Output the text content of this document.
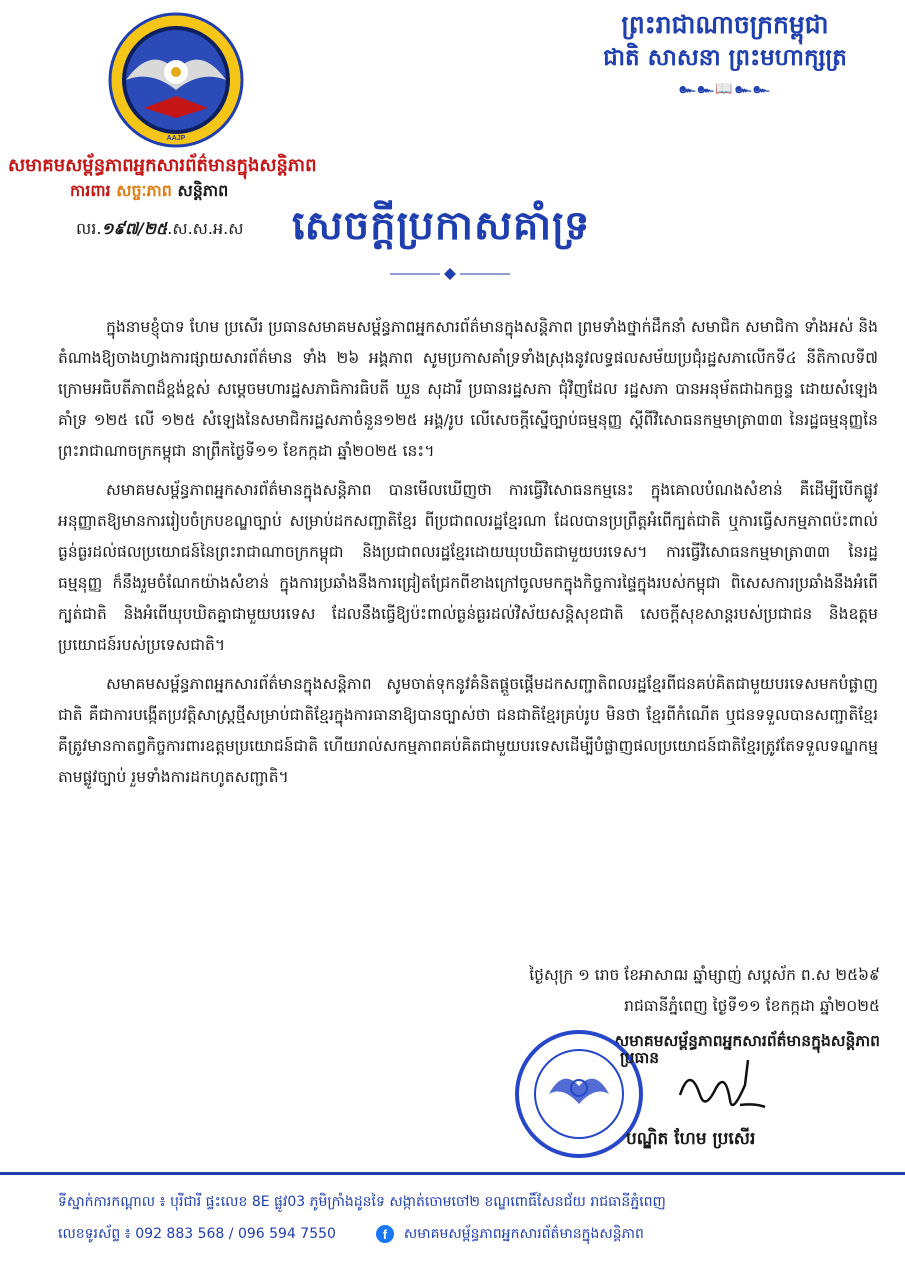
AAJP
ព្រះរាជាណាចក្រកម្ពុជា
ជាតិ សាសនា ព្រះមហាក្សត្រ
๛๛📖๛๛
សមាគមសម្ព័ន្ធភាពអ្នកសារព័ត៌មានក្នុងសន្តិភាព
ការពារ សច្ចៈភាព សន្តិភាព
លរ.១៩៧/២៥.ស.ស.អ.ស សេចក្តីប្រកាសគាំទ្រ

ក្នុងនាមខ្ញុំបាទ ហែម ប្រសើរ ប្រធានសមាគមសម្ព័ន្ធភាពអ្នកសារព័ត៌មានក្នុងសន្តិភាព ព្រមទាំងថ្នាក់ដឹកនាំ សមាជិក សមាជិកា ទាំងអស់ និងតំណាងឱ្យចាងហ្វាងការផ្សាយសារព័ត៌មាន ទាំង ២៦ អង្គភាព សូមប្រកាសគាំទ្រទាំងស្រុងនូវលទ្ធផលសម័យប្រជុំរដ្ឋសភាលើកទី៤ នីតិកាលទី៧ ក្រោមអធិបតីភាពដ៏ខ្ពង់ខ្ពស់ សម្តេចមហារដ្ឋសភាធិការធិបតី ឃួន សុដារី ប្រធានរដ្ឋសភា ជុំវិញដែល រដ្ឋសភា បានអនុម័តជាឯកច្ឆន្ទ ដោយសំឡេងគាំទ្រ ១២៥ លើ ១២៥ សំឡេងនៃសមាជិករដ្ឋសភាចំនួន១២៥ អង្គ/រូប លើសេចក្តីស្នើច្បាប់ធម្មនុញ្ញ ស្តីពីវិសោធនកម្មមាត្រា៣៣ នៃរដ្ឋធម្មនុញ្ញនៃព្រះរាជាណាចក្រកម្ពុជា នាព្រឹកថ្ងៃទី១១ ខែកក្កដា ឆ្នាំ២០២៥ នេះ។

សមាគមសម្ព័ន្ធភាពអ្នកសារព័ត៌មានក្នុងសន្តិភាព បានមើលឃើញថា ការធ្វើវិសោធនកម្មនេះ ក្នុងគោលបំណងសំខាន់ គឺដើម្បីបើកផ្លូវអនុញ្ញាតឱ្យមានការរៀបចំក្របខណ្ឌច្បាប់ សម្រាប់ដកសញ្ជាតិខ្មែរ ពីប្រជាពលរដ្ឋខ្មែរណា ដែលបានប្រព្រឹត្តអំពើក្បត់ជាតិ ឬការធ្វើសកម្មភាពប៉ះពាល់ធ្ងន់ធ្ងរដល់ផលប្រយោជន៍នៃព្រះរាជាណាចក្រកម្ពុជា និងប្រជាពលរដ្ឋខ្មែរដោយឃុបឃិតជាមួយបរទេស។ ការធ្វើវិសោធនកម្មមាត្រា៣៣ នៃរដ្ឋធម្មនុញ្ញ ក៏នឹងរួមចំណែកយ៉ាងសំខាន់ ក្នុងការប្រឆាំងនឹងការជ្រៀតជ្រែកពីខាងក្រៅចូលមកក្នុងកិច្ចការផ្ទៃក្នុងរបស់កម្ពុជា ពិសេសការប្រឆាំងនឹងអំពើក្បត់ជាតិ និងអំពើឃុបឃិតគ្នាជាមួយបរទេស ដែលនឹងធ្វើឱ្យប៉ះពាល់ធ្ងន់ធ្ងរដល់វិស័យសន្តិសុខជាតិ សេចក្តីសុខសាន្តរបស់ប្រជាជន និងឧត្តមប្រយោជន៍របស់ប្រទេសជាតិ។

សមាគមសម្ព័ន្ធភាពអ្នកសារព័ត៌មានក្នុងសន្តិភាព សូមចាត់ទុកនូវគំនិតផ្តួចផ្តើមដកសញ្ជាតិពលរដ្ឋខ្មែរពីជនគប់គិតជាមួយបរទេសមកបំផ្លាញជាតិ គឺជាការបង្កើតប្រវត្តិសាស្ត្រថ្មីសម្រាប់ជាតិខ្មែរក្នុងការធានាឱ្យបានច្បាស់ថា ជនជាតិខ្មែរគ្រប់រូប មិនថា ខ្មែរពីកំណើត ឬជនទទួលបានសញ្ជាតិខ្មែរ គឺត្រូវមានកាតព្វកិច្ចការពារឧត្តមប្រយោជន៍ជាតិ ហើយរាល់សកម្មភាពគប់គិតជាមួយបរទេសដើម្បីបំផ្លាញផលប្រយោជន៍ជាតិខ្មែរត្រូវតែទទួលទណ្ឌកម្មតាមផ្លូវច្បាប់ រួមទាំងការដកហូតសញ្ជាតិ។

ថ្ងៃសុក្រ ១ រោច ខែអាសាឍ ឆ្នាំម្សាញ់ សប្តស័ក ព.ស ២៥៦៩
រាជធានីភ្នំពេញ ថ្ងៃទី១១ ខែកក្កដា ឆ្នាំ២០២៥
សមាគមសម្ព័ន្ធភាពអ្នកសារព័ត៌មានក្នុងសន្តិភាព
ប្រធាន
បណ្ឌិត ហែម ប្រសើរ
ទីស្នាក់ការកណ្តាល ៖ បុរីជារី ផ្ទះលេខ 8E ផ្លូវ03 ភូមិក្រាំងដូនទៃ សង្កាត់ចោមចៅ២ ខណ្ឌពោធិ៍សែនជ័យ រាជធានីភ្នំពេញ
លេខទូរស័ព្ទ ៖ 092 883 568 / 096 594 7550	f សមាគមសម្ព័ន្ធភាពអ្នកសារព័ត៌មានក្នុងសន្តិភាព
